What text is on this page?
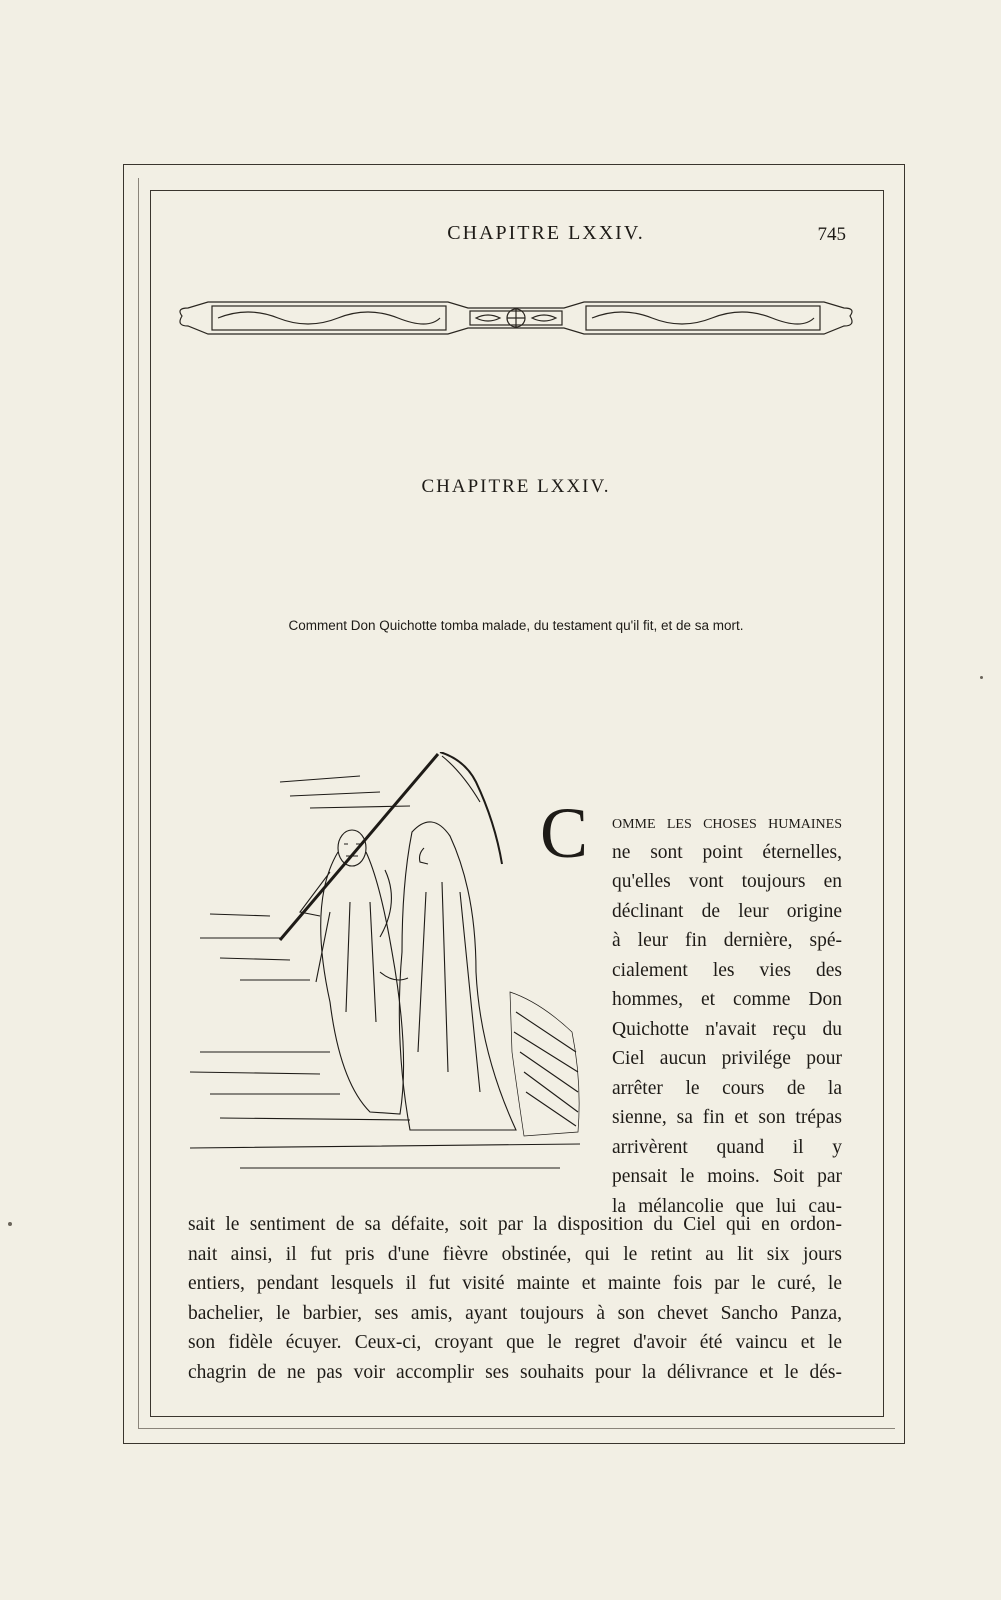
CHAPITRE LXXIV.	745
CHAPITRE LXXIV.
Comment Don Quichotte tomba malade, du testament qu'il fit, et de sa mort.
C omme les choses humaines
ne sont point éternelles,
qu'elles vont toujours en
déclinant de leur origine
à leur fin dernière, spé-
cialement les vies des
hommes, et comme Don
Quichotte n'avait reçu du
Ciel aucun privilége pour
arrêter le cours de la
sienne, sa fin et son trépas
arrivèrent quand il y
pensait le moins. Soit par
la mélancolie que lui cau-
sait le sentiment de sa défaite, soit par la disposition du Ciel qui en ordon-
nait ainsi, il fut pris d'une fièvre obstinée, qui le retint au lit six jours
entiers, pendant lesquels il fut visité mainte et mainte fois par le curé, le
bachelier, le barbier, ses amis, ayant toujours à son chevet Sancho Panza,
son fidèle écuyer. Ceux-ci, croyant que le regret d'avoir été vaincu et le
chagrin de ne pas voir accomplir ses souhaits pour la délivrance et le dés-
